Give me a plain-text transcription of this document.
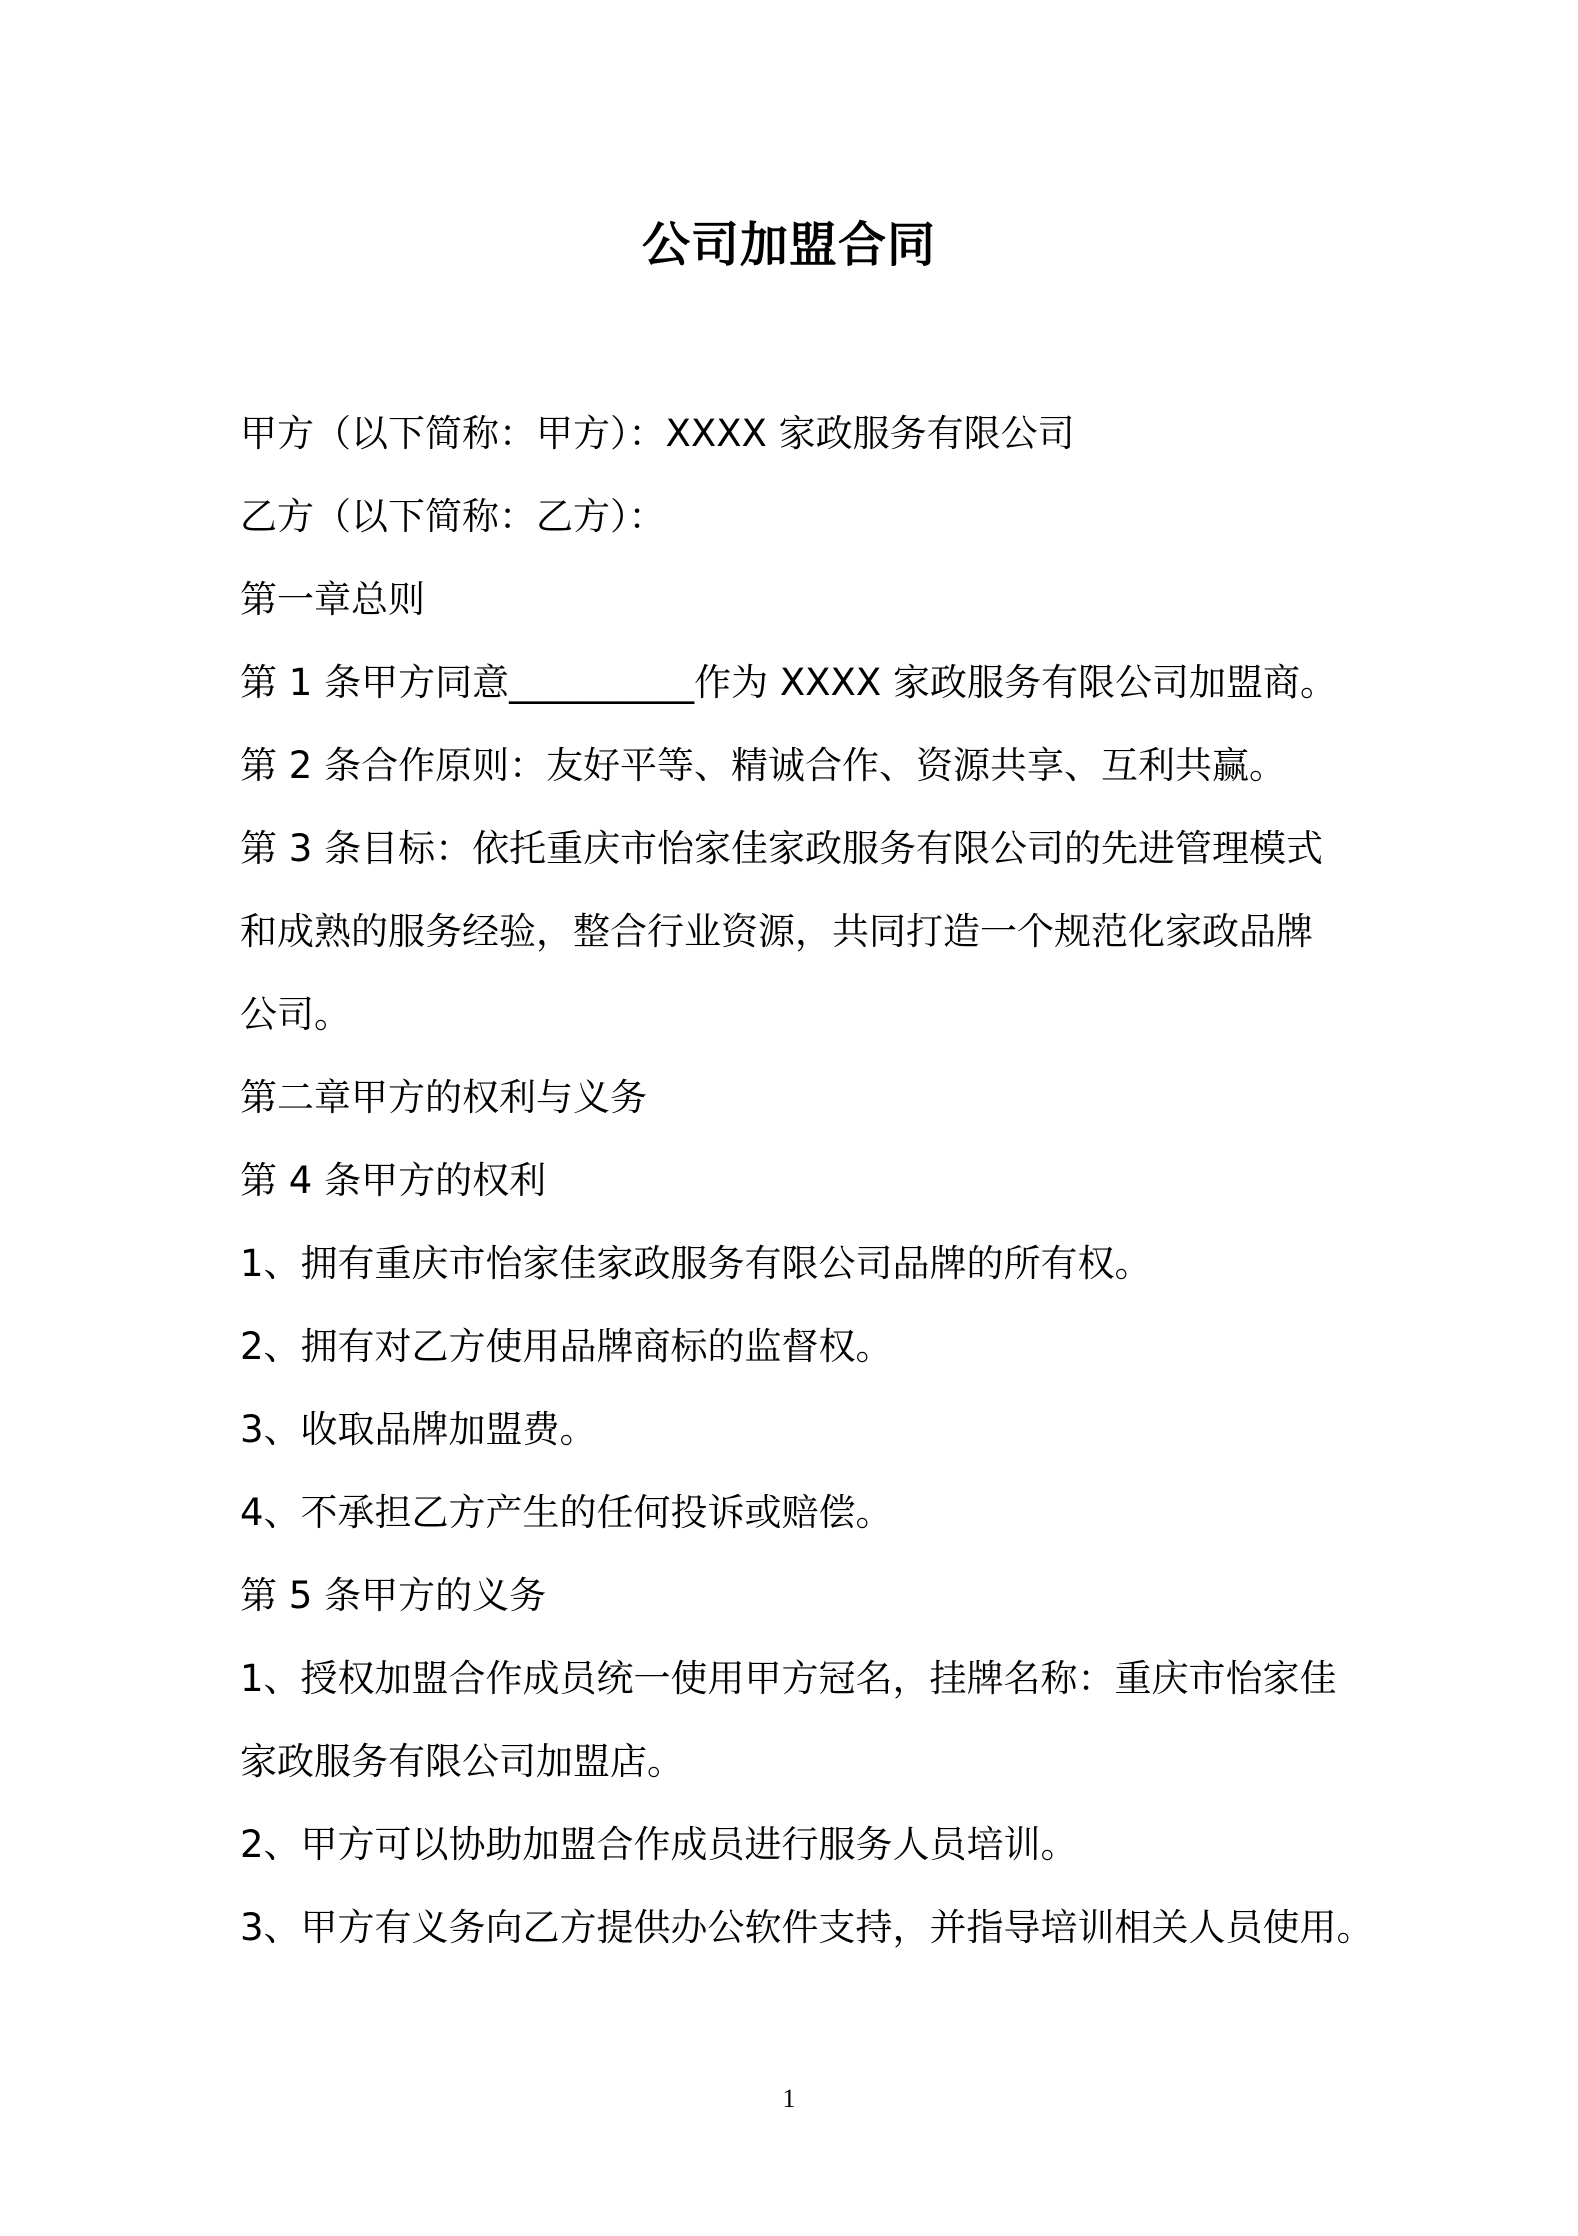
公司加盟合同
甲方（以下简称：甲方）：XXXX 家政服务有限公司
乙方（以下简称：乙方）：
第一章总则
第 1 条甲方同意__________作为 XXXX 家政服务有限公司加盟商。
第 2 条合作原则：友好平等、精诚合作、资源共享、互利共赢。
第 3 条目标：依托重庆市怡家佳家政服务有限公司的先进管理模式
和成熟的服务经验，整合行业资源，共同打造一个规范化家政品牌
公司。
第二章甲方的权利与义务
第 4 条甲方的权利
1、拥有重庆市怡家佳家政服务有限公司品牌的所有权。
2、拥有对乙方使用品牌商标的监督权。
3、收取品牌加盟费。
4、不承担乙方产生的任何投诉或赔偿。
第 5 条甲方的义务
1、授权加盟合作成员统一使用甲方冠名，挂牌名称：重庆市怡家佳
家政服务有限公司加盟店。
2、甲方可以协助加盟合作成员进行服务人员培训。
3、甲方有义务向乙方提供办公软件支持，并指导培训相关人员使用。
1
